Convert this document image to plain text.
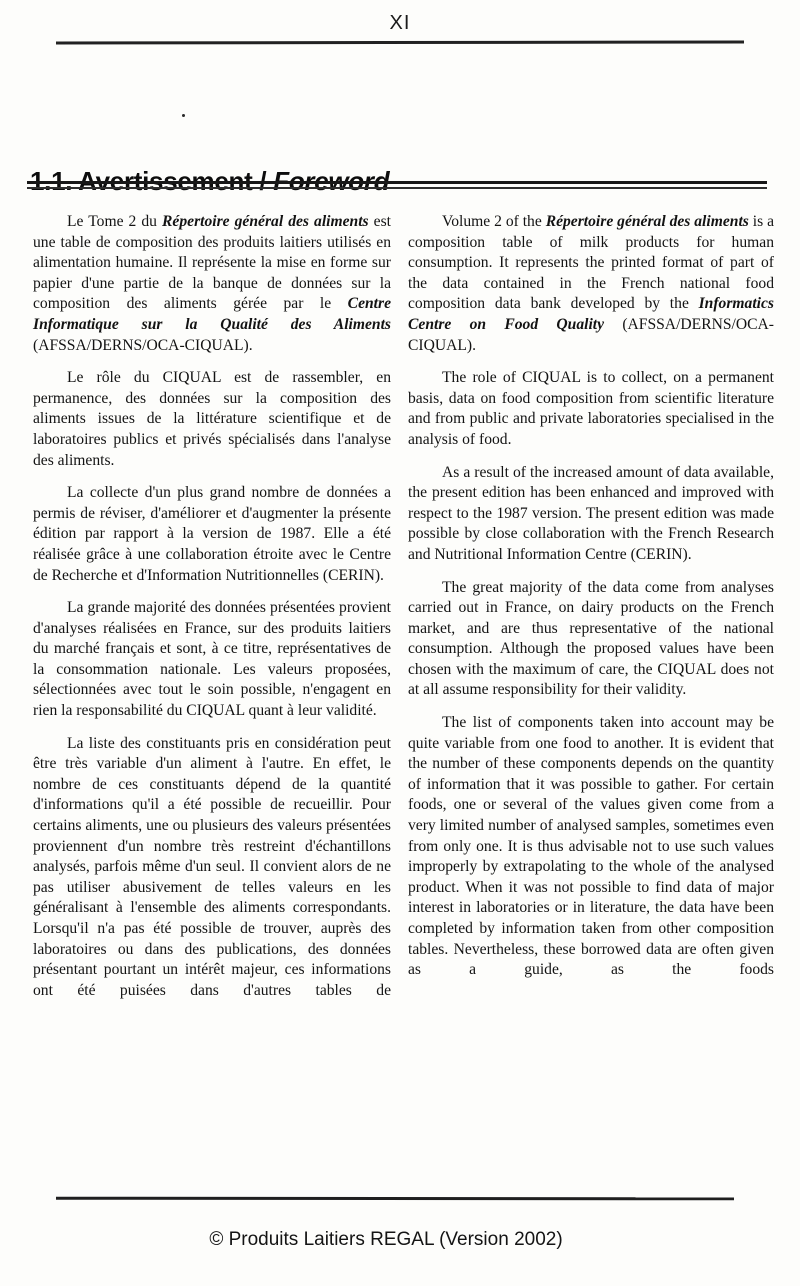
XI
1.1. Avertissement / Foreword

Le Tome 2 du Répertoire général des aliments est une table de composition des produits laitiers utilisés en alimentation humaine. Il représente la mise en forme sur papier d'une partie de la banque de données sur la composition des aliments gérée par le Centre Informatique sur la Qualité des Aliments (AFSSA/DERNS/OCA-CIQUAL).

Le rôle du CIQUAL est de rassembler, en permanence, des données sur la composition des aliments issues de la littérature scientifique et de laboratoires publics et privés spécialisés dans l'analyse des aliments.

La collecte d'un plus grand nombre de données a permis de réviser, d'améliorer et d'augmenter la présente édition par rapport à la version de 1987. Elle a été réalisée grâce à une collaboration étroite avec le Centre de Recherche et d'Information Nutritionnelles (CERIN).

La grande majorité des données présentées provient d'analyses réalisées en France, sur des produits laitiers du marché français et sont, à ce titre, représentatives de la consommation nationale. Les valeurs proposées, sélectionnées avec tout le soin possible, n'engagent en rien la responsabilité du CIQUAL quant à leur validité.

La liste des constituants pris en considération peut être très variable d'un aliment à l'autre. En effet, le nombre de ces constituants dépend de la quantité d'informations qu'il a été possible de recueillir. Pour certains aliments, une ou plusieurs des valeurs présentées proviennent d'un nombre très restreint d'échantillons analysés, parfois même d'un seul. Il convient alors de ne pas utiliser abusivement de telles valeurs en les généralisant à l'ensemble des aliments correspondants. Lorsqu'il n'a pas été possible de trouver, auprès des laboratoires ou dans des publications, des données présentant pourtant un intérêt majeur, ces informations ont été puisées dans d'autres tables de

Volume 2 of the Répertoire général des aliments is a composition table of milk products for human consumption. It represents the printed format of part of the data contained in the French national food composition data bank developed by the Informatics Centre on Food Quality (AFSSA/DERNS/OCA-CIQUAL).

The role of CIQUAL is to collect, on a permanent basis, data on food composition from scientific literature and from public and private laboratories specialised in the analysis of food.

As a result of the increased amount of data available, the present edition has been enhanced and improved with respect to the 1987 version. The present edition was made possible by close collaboration with the French Research and Nutritional Information Centre (CERIN).

The great majority of the data come from analyses carried out in France, on dairy products on the French market, and are thus representative of the national consumption. Although the proposed values have been chosen with the maximum of care, the CIQUAL does not at all assume responsibility for their validity.

The list of components taken into account may be quite variable from one food to another. It is evident that the number of these components depends on the quantity of information that it was possible to gather. For certain foods, one or several of the values given come from a very limited number of analysed samples, sometimes even from only one. It is thus advisable not to use such values improperly by extrapolating to the whole of the analysed product. When it was not possible to find data of major interest in laboratories or in literature, the data have been completed by information taken from other composition tables. Nevertheless, these borrowed data are often given as a guide, as the foods

© Produits Laitiers REGAL (Version 2002)
